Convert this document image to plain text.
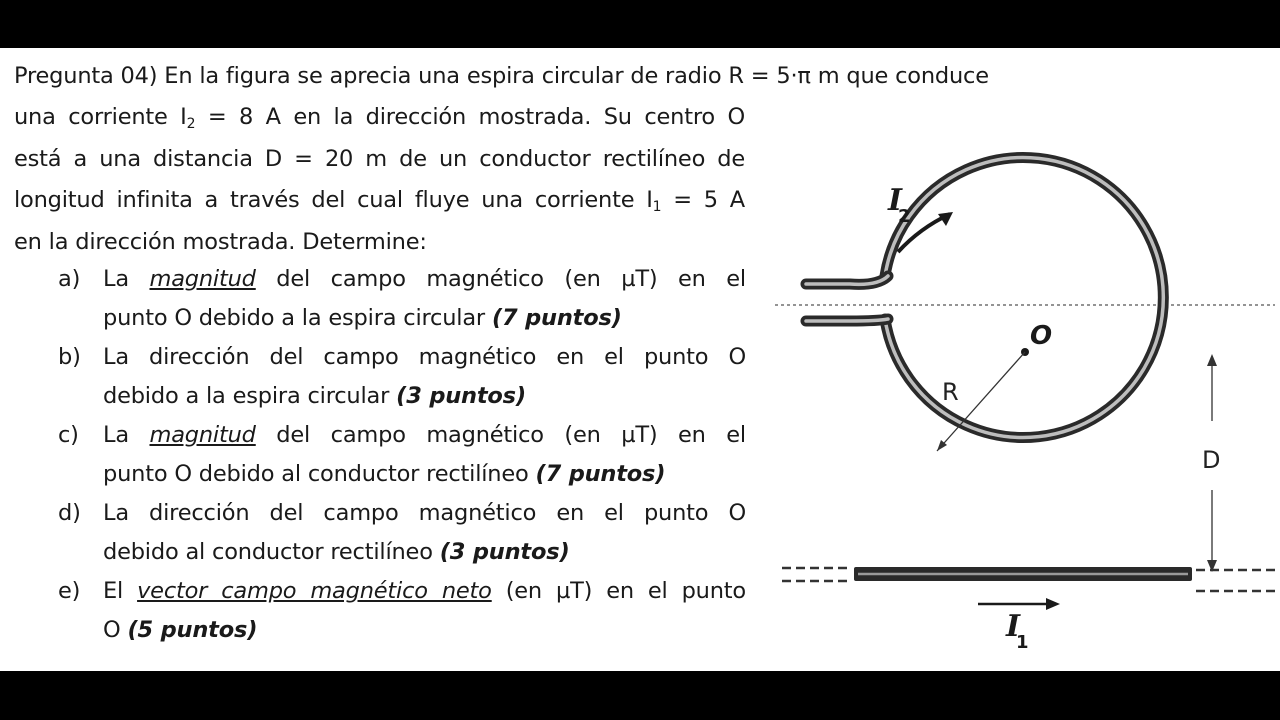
Pregunta 04) En la figura se aprecia una espira circular de radio R = 5·π m que conduce
una corriente $I_2 = 8$ A en la dirección mostrada. Su centro O
está a una distancia D = 20 m de un conductor rectilíneo de
longitud infinita a través del cual fluye una corriente $I_1 = 5$ A
en la dirección mostrada. Determine:
a) La magnitud del campo magnético (en µT) en el
punto O debido a la espira circular (7 puntos)
b) La dirección del campo magnético en el punto O
debido a la espira circular (3 puntos)
c) La magnitud del campo magnético (en µT) en el
punto O debido al conductor rectilíneo (7 puntos)
d) La dirección del campo magnético en el punto O
debido al conductor rectilíneo (3 puntos)
e) El vector campo magnético neto (en µT) en el punto
O (5 puntos)
I
2
O
R
D
I
1
